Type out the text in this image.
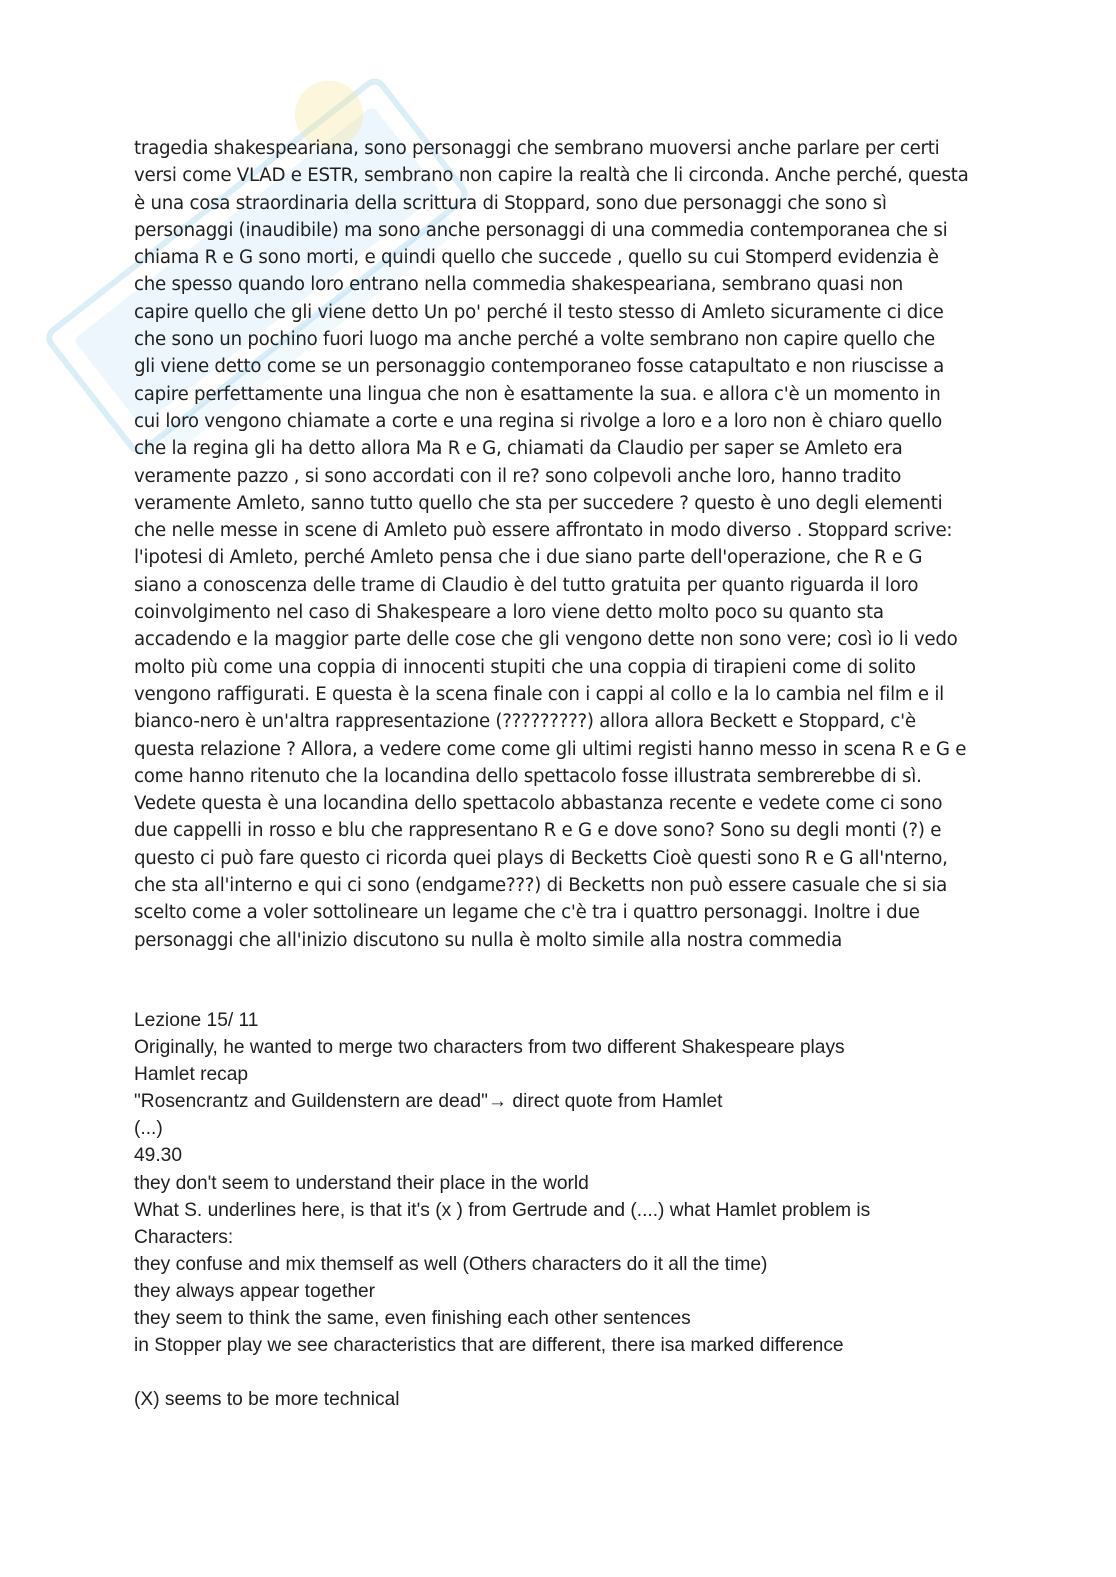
tragedia shakespeariana, sono personaggi che sembrano muoversi anche parlare per certi
versi come VLAD e ESTR, sembrano non capire la realtà che li circonda. Anche perché, questa
è una cosa straordinaria della scrittura di Stoppard, sono due personaggi che sono sì
personaggi (inaudibile) ma sono anche personaggi di una commedia contemporanea che si
chiama R e G sono morti, e quindi quello che succede , quello su cui Stomperd evidenzia è
che spesso quando loro entrano nella commedia shakespeariana, sembrano quasi non
capire quello che gli viene detto Un po' perché il testo stesso di Amleto sicuramente ci dice
che sono un pochino fuori luogo ma anche perché a volte sembrano non capire quello che
gli viene detto come se un personaggio contemporaneo fosse catapultato e non riuscisse a
capire perfettamente una lingua che non è esattamente la sua. e allora c'è un momento in
cui loro vengono chiamate a corte e una regina si rivolge a loro e a loro non è chiaro quello
che la regina gli ha detto allora Ma R e G, chiamati da Claudio per saper se Amleto era
veramente pazzo , si sono accordati con il re? sono colpevoli anche loro, hanno tradito
veramente Amleto, sanno tutto quello che sta per succedere ? questo è uno degli elementi
che nelle messe in scene di Amleto può essere affrontato in modo diverso . Stoppard scrive:
l'ipotesi di Amleto, perché Amleto pensa che i due siano parte dell'operazione, che R e G
siano a conoscenza delle trame di Claudio è del tutto gratuita per quanto riguarda il loro
coinvolgimento nel caso di Shakespeare a loro viene detto molto poco su quanto sta
accadendo e la maggior parte delle cose che gli vengono dette non sono vere; così io li vedo
molto più come una coppia di innocenti stupiti che una coppia di tirapieni come di solito
vengono raffigurati. E questa è la scena finale con i cappi al collo e la lo cambia nel film e il
bianco-nero è un'altra rappresentazione (?????????) allora allora Beckett e Stoppard, c'è
questa relazione ? Allora, a vedere come come gli ultimi registi hanno messo in scena R e G e
come hanno ritenuto che la locandina dello spettacolo fosse illustrata sembrerebbe di sì.
Vedete questa è una locandina dello spettacolo abbastanza recente e vedete come ci sono
due cappelli in rosso e blu che rappresentano R e G e dove sono? Sono su degli monti (?) e
questo ci può fare questo ci ricorda quei plays di Becketts Cioè questi sono R e G all'nterno,
che sta all'interno e qui ci sono (endgame???) di Becketts non può essere casuale che si sia
scelto come a voler sottolineare un legame che c'è tra i quattro personaggi. Inoltre i due
personaggi che all'inizio discutono su nulla è molto simile alla nostra commedia
Lezione 15/ 11
Originally, he wanted to merge two characters from two different Shakespeare plays
Hamlet recap
"Rosencrantz and Guildenstern are dead"→ direct quote from Hamlet
(...)
49.30
they don't seem to understand their place in the world
What S. underlines here, is that it's (x ) from Gertrude and (....) what Hamlet problem is
Characters:
they confuse and mix themself as well (Others characters do it all the time)
they always appear together
they seem to think the same, even finishing each other sentences
in Stopper play we see characteristics that are different, there isa marked difference
(X) seems to be more technical
